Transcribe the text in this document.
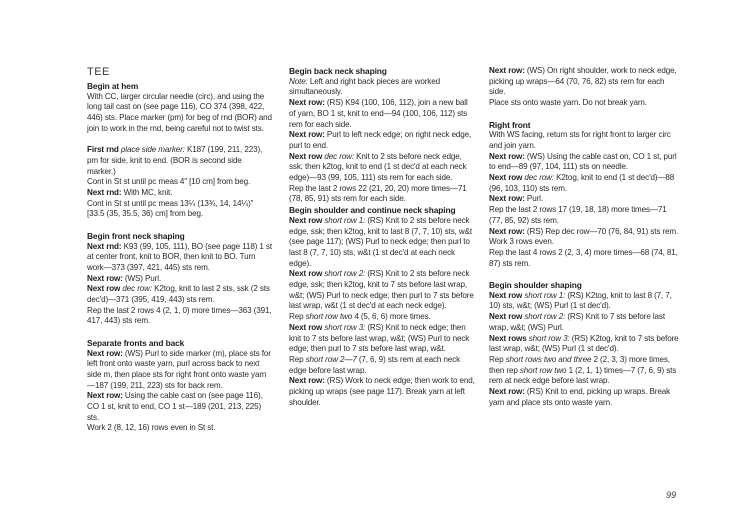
TEE
Begin at hem

With CC, larger circular needle (circ), and using the long tail cast on (see page 116), CO 374 (398, 422, 446) sts. Place marker (pm) for beg of rnd (BOR) and join to work in the rnd, being careful not to twist sts.

First rnd place side marker: K187 (199, 211, 223), pm for side, knit to end. (BOR is second side marker.)

Cont in St st until pc meas 4" [10 cm] from beg.

Next rnd: With MC, knit.

Cont in St st until pc meas 13¼ (13¾, 14, 14¼)" [33.5 (35, 35.5, 36) cm] from beg.

Begin front neck shaping

Next rnd: K93 (99, 105, 111), BO (see page 118) 1 st at center front, knit to BOR, then knit to BO. Turn work—373 (397, 421, 445) sts rem.

Next row: (WS) Purl.

Next row dec row: K2tog, knit to last 2 sts, ssk (2 sts dec'd)—371 (395, 419, 443) sts rem.

Rep the last 2 rows 4 (2, 1, 0) more times—363 (391, 417, 443) sts rem.

Separate fronts and back

Next row: (WS) Purl to side marker (m), place sts for left front onto waste yarn, purl across back to next side m, then place sts for right front onto waste yarn—187 (199, 211, 223) sts for back rem.

Next row: Using the cable cast on (see page 116), CO 1 st, knit to end, CO 1 st—189 (201, 213, 225) sts.

Work 2 (8, 12, 16) rows even in St st.

Begin back neck shaping

Note: Left and right back pieces are worked simultaneously.

Next row: (RS) K94 (100, 106, 112), join a new ball of yarn, BO 1 st, knit to end—94 (100, 106, 112) sts rem for each side.

Next row: Purl to left neck edge; on right neck edge, purl to end.

Next row dec row: Knit to 2 sts before neck edge, ssk; then k2tog, knit to end (1 st dec'd at each neck edge)—93 (99, 105, 111) sts rem for each side.

Rep the last 2 rows 22 (21, 20, 20) more times—71 (78, 85, 91) sts rem for each side.

Begin shoulder and continue neck shaping

Next row short row 1: (RS) Knit to 2 sts before neck edge, ssk; then k2tog, knit to last 8 (7, 7, 10) sts, w&t (see page 117); (WS) Purl to neck edge; then purl to last 8 (7, 7, 10) sts, w&t (1 st dec'd at each neck edge).

Next row short row 2: (RS) Knit to 2 sts before neck edge, ssk; then k2tog, knit to 7 sts before last wrap, w&t; (WS) Purl to neck edge; then purl to 7 sts before last wrap, w&t (1 st dec'd at each neck edge).

Rep short row two 4 (5, 6, 6) more times.

Next row short row 3: (RS) Knit to neck edge; then knit to 7 sts before last wrap, w&t; (WS) Purl to neck edge; then purl to 7 sts before last wrap, w&t.

Rep short row 2—7 (7, 6, 9) sts rem at each neck edge before last wrap.

Next row: (RS) Work to neck edge; then work to end, picking up wraps (see page 117). Break yarn at left shoulder.

Next row: (WS) On right shoulder, work to neck edge, picking up wraps—64 (70, 76, 82) sts rem for each side.

Place sts onto waste yarn. Do not break yarn.

Right front

With WS facing, return sts for right front to larger circ and join yarn.

Next row: (WS) Using the cable cast on, CO 1 st, purl to end—89 (97, 104, 111) sts on needle.

Next row dec row: K2tog, knit to end (1 st dec'd)—88 (96, 103, 110) sts rem.

Next row: Purl.

Rep the last 2 rows 17 (19, 18, 18) more times—71 (77, 85, 92) sts rem.

Next row: (RS) Rep dec row—70 (76, 84, 91) sts rem.

Work 3 rows even.

Rep the last 4 rows 2 (2, 3, 4) more times—68 (74, 81, 87) sts rem.

Begin shoulder shaping

Next row short row 1: (RS) K2tog, knit to last 8 (7, 7, 10) sts, w&t; (WS) Purl (1 st dec'd).

Next row short row 2: (RS) Knit to 7 sts before last wrap, w&t; (WS) Purl.

Next rows short row 3: (RS) K2tog, knit to 7 sts before last wrap, w&t; (WS) Purl (1 st dec'd).

Rep short rows two and three 2 (2, 3, 3) more times, then rep short row two 1 (2, 1, 1) times—7 (7, 6, 9) sts rem at neck edge before last wrap.

Next row: (RS) Knit to end, picking up wraps. Break yarn and place sts onto waste yarn.

99
